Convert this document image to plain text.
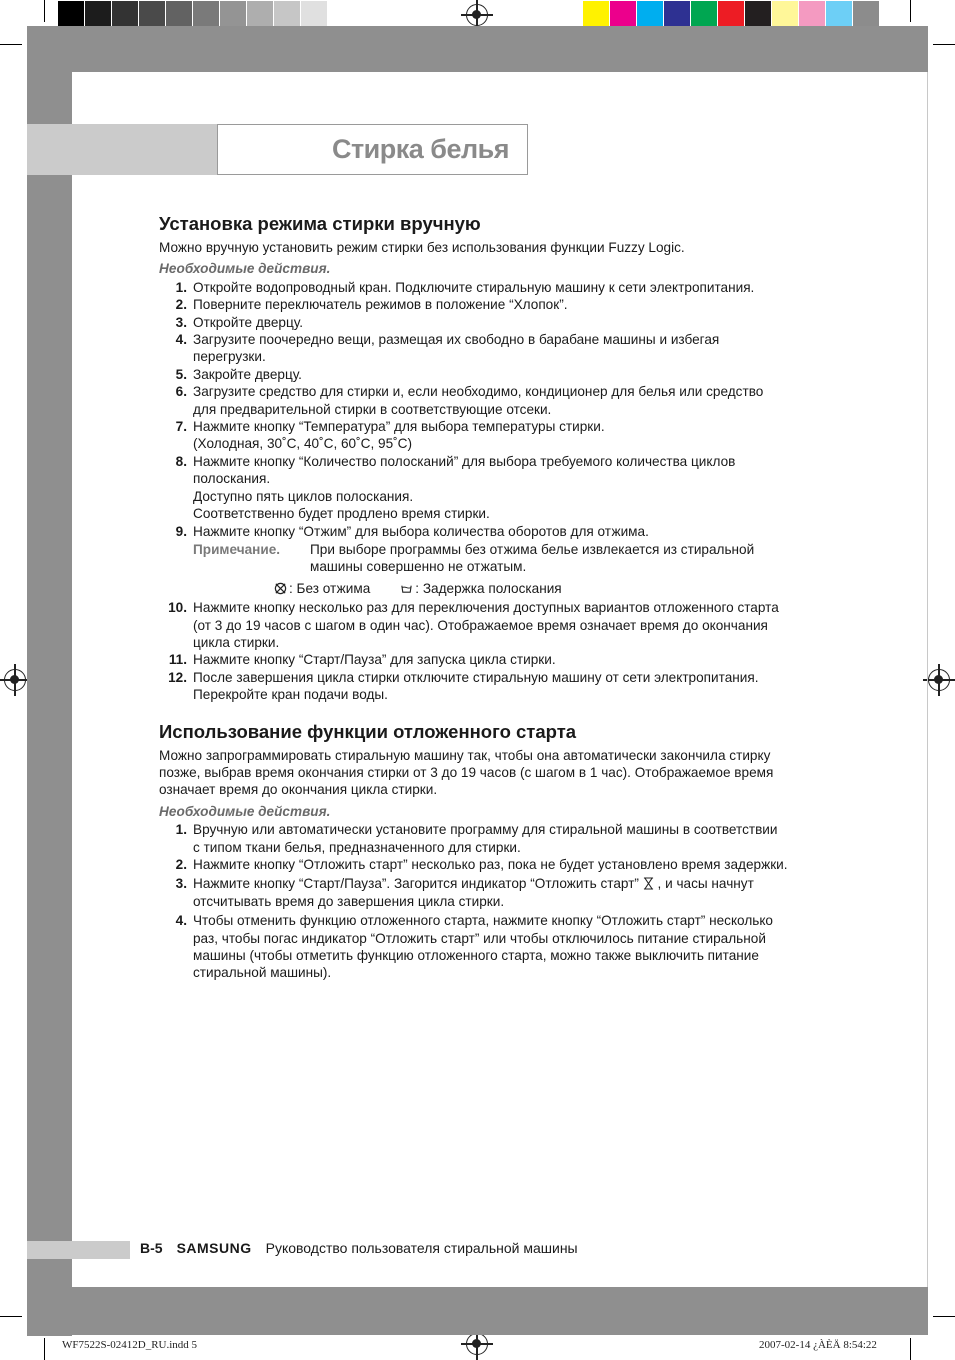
Стирка белья
Установка режима стирки вручную

Можно вручную установить режим стирки без использования функции Fuzzy Logic.

Необходимые действия.

1. Откройте водопроводный кран. Подключите стиральную машину к сети электропитания.
2. Поверните переключатель режимов в положение “Хлопок”.
3. Откройте дверцу.
4. Загрузите поочередно вещи, размещая их свободно в барабане машины и избегая
перегрузки.
5. Закройте дверцу.
6. Загрузите средство для стирки и, если необходимо, кондиционер для белья или средство
для предварительной стирки в соответствующие отсеки.
7. Нажмите кнопку “Температура” для выбора температуры стирки.
(Холодная, 30˚C, 40˚C, 60˚C, 95˚C)
8. Нажмите кнопку “Количество полосканий” для выбора требуемого количества циклов
полоскания.
Доступно пять циклов полоскания.
Соответственно будет продлено время стирки.
9. Нажмите кнопку “Отжим” для выбора количества оборотов для отжима.
Примечание.	При выборе программы без отжима белье извлекается из стиральной
машины совершенно не отжатым.
: Без отжима	: Задержка полоскания
10. Нажмите кнопку несколько раз для переключения доступных вариантов отложенного старта
(от 3 до 19 часов с шагом в один час). Отображаемое время означает время до окончания
цикла стирки.
11. Нажмите кнопку “Старт/Пауза” для запуска цикла стирки.
12. После завершения цикла стирки отключите стиральную машину от сети электропитания.
Перекройте кран подачи воды.
Использование функции отложенного старта

Можно запрограммировать стиральную машину так, чтобы она автоматически закончила стирку
позже, выбрав время окончания стирки от 3 до 19 часов (с шагом в 1 час). Отображаемое время
означает время до окончания цикла стирки.

Необходимые действия.

1. Вручную или автоматически установите программу для стиральной машины в соответствии
с типом ткани белья, предназначенного для стирки.
2. Нажмите кнопку “Отложить старт” несколько раз, пока не будет установлено время задержки.
3. Нажмите кнопку “Старт/Пауза”. Загорится индикатор “Отложить старт” , и часы начнут
отсчитывать время до завершения цикла стирки.
4. Чтобы отменить функцию отложенного старта, нажмите кнопку “Отложить старт” несколько
раз, чтобы погас индикатор “Отложить старт” или чтобы отключилось питание стиральной
машины (чтобы отметить функцию отложенного старта, можно также выключить питание
стиральной машины).
B-5 SAMSUNG Руководство пользователя стиральной машины
WF7522S-02412D_RU.indd 5	2007-02-14 ¿ÀÈÄ 8:54:22
